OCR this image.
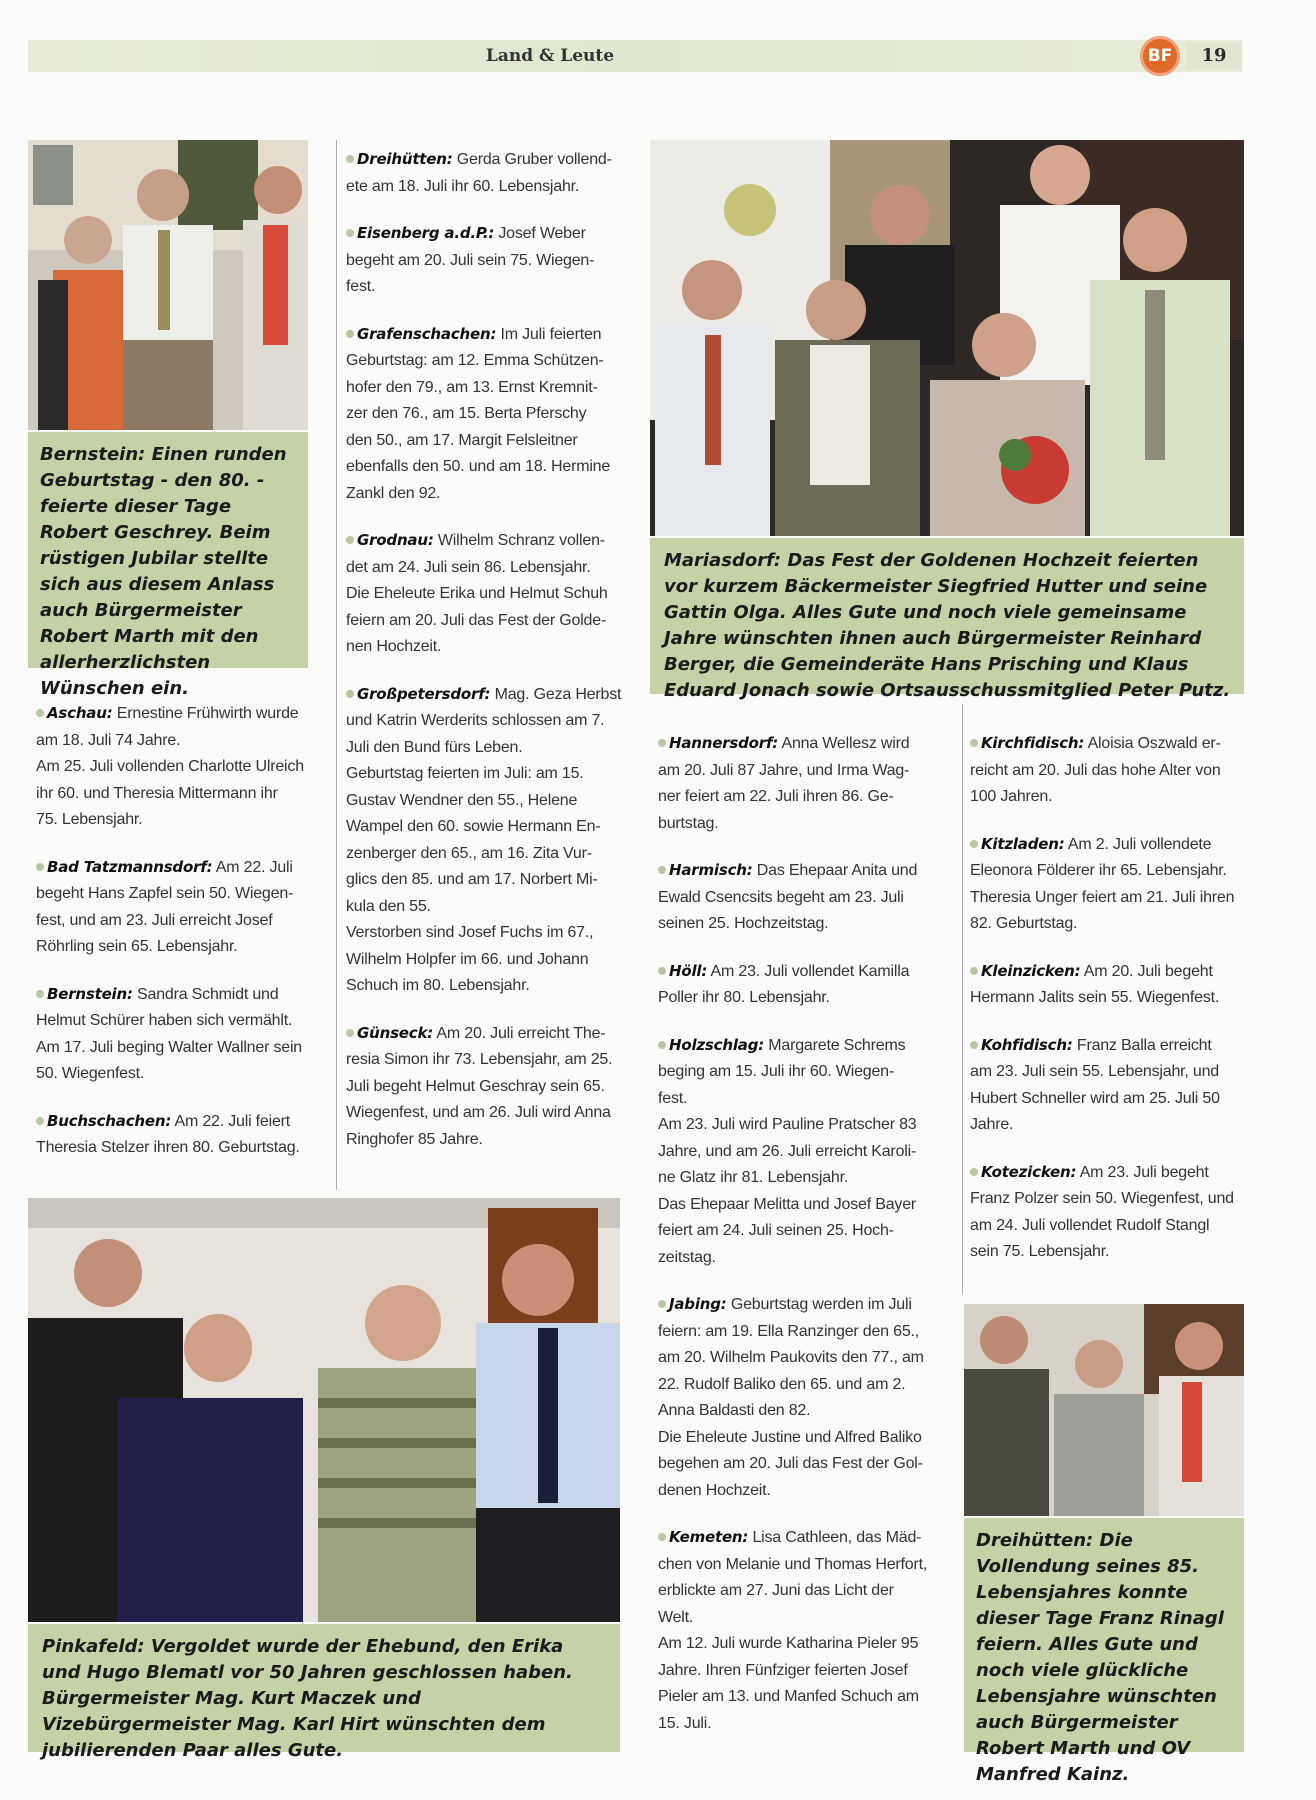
Land & Leute	BF	19
Bernstein: Einen runden Geburtstag - den 80. - feierte dieser Tage Robert Geschrey. Beim rüstigen Jubilar stellte sich aus diesem Anlass auch Bürgermeister Robert Marth mit den allerherzlichsten Wünschen ein.
Mariasdorf: Das Fest der Goldenen Hochzeit feierten vor kurzem Bäckermeister Siegfried Hutter und seine Gattin Olga. Alles Gute und noch viele gemeinsame Jahre wünschten ihnen auch Bürgermeister Reinhard Berger, die Gemeinderäte Hans Prisching und Klaus Eduard Jonach sowie Ortsausschussmitglied Peter Putz.
Pinkafeld: Vergoldet wurde der Ehebund, den Erika und Hugo Blematl vor 50 Jahren geschlossen haben. Bürgermeister Mag. Kurt Maczek und Vizebürgermeister Mag. Karl Hirt wünschten dem jubilierenden Paar alles Gute.
Dreihütten: Die Vollendung seines 85. Lebensjahres konnte dieser Tage Franz Rinagl feiern. Alles Gute und noch viele glückliche Lebensjahre wünschten auch Bürgermeister Robert Marth und OV Manfred Kainz.

Aschau: Ernestine Frühwirth wurde

am 18. Juli 74 Jahre.

Am 25. Juli vollenden Charlotte Ulreich

ihr 60. und Theresia Mittermann ihr

75. Lebensjahr.

Bad Tatzmannsdorf: Am 22. Juli

begeht Hans Zapfel sein 50. Wiegen-

fest, und am 23. Juli erreicht Josef

Röhrling sein 65. Lebensjahr.

Bernstein: Sandra Schmidt und

Helmut Schürer haben sich vermählt.

Am 17. Juli beging Walter Wallner sein

50. Wiegenfest.

Buchschachen: Am 22. Juli feiert

Theresia Stelzer ihren 80. Geburtstag.

Dreihütten: Gerda Gruber vollend-

ete am 18. Juli ihr 60. Lebensjahr.

Eisenberg a.d.P.: Josef Weber

begeht am 20. Juli sein 75. Wiegen-

fest.

Grafenschachen: Im Juli feierten

Geburtstag: am 12. Emma Schützen-

hofer den 79., am 13. Ernst Kremnit-

zer den 76., am 15. Berta Pferschy

den 50., am 17. Margit Felsleitner

ebenfalls den 50. und am 18. Hermine

Zankl den 92.

Grodnau: Wilhelm Schranz vollen-

det am 24. Juli sein 86. Lebensjahr.

Die Eheleute Erika und Helmut Schuh

feiern am 20. Juli das Fest der Golde-

nen Hochzeit.

Großpetersdorf: Mag. Geza Herbst

und Katrin Werderits schlossen am 7.

Juli den Bund fürs Leben.

Geburtstag feierten im Juli: am 15.

Gustav Wendner den 55., Helene

Wampel den 60. sowie Hermann En-

zenberger den 65., am 16. Zita Vur-

glics den 85. und am 17. Norbert Mi-

kula den 55.

Verstorben sind Josef Fuchs im 67.,

Wilhelm Holpfer im 66. und Johann

Schuch im 80. Lebensjahr.

Günseck: Am 20. Juli erreicht The-

resia Simon ihr 73. Lebensjahr, am 25.

Juli begeht Helmut Geschray sein 65.

Wiegenfest, und am 26. Juli wird Anna

Ringhofer 85 Jahre.

Hannersdorf: Anna Wellesz wird

am 20. Juli 87 Jahre, und Irma Wag-

ner feiert am 22. Juli ihren 86. Ge-

burtstag.

Harmisch: Das Ehepaar Anita und

Ewald Csencsits begeht am 23. Juli

seinen 25. Hochzeitstag.

Höll: Am 23. Juli vollendet Kamilla

Poller ihr 80. Lebensjahr.

Holzschlag: Margarete Schrems

beging am 15. Juli ihr 60. Wiegen-

fest.

Am 23. Juli wird Pauline Pratscher 83

Jahre, und am 26. Juli erreicht Karoli-

ne Glatz ihr 81. Lebensjahr.

Das Ehepaar Melitta und Josef Bayer

feiert am 24. Juli seinen 25. Hoch-

zeitstag.

Jabing: Geburtstag werden im Juli

feiern: am 19. Ella Ranzinger den 65.,

am 20. Wilhelm Paukovits den 77., am

22. Rudolf Baliko den 65. und am 2.

Anna Baldasti den 82.

Die Eheleute Justine und Alfred Baliko

begehen am 20. Juli das Fest der Gol-

denen Hochzeit.

Kemeten: Lisa Cathleen, das Mäd-

chen von Melanie und Thomas Herfort,

erblickte am 27. Juni das Licht der

Welt.

Am 12. Juli wurde Katharina Pieler 95

Jahre. Ihren Fünfziger feierten Josef

Pieler am 13. und Manfed Schuch am

15. Juli.

Kirchfidisch: Aloisia Oszwald er-

reicht am 20. Juli das hohe Alter von

100 Jahren.

Kitzladen: Am 2. Juli vollendete

Eleonora Földerer ihr 65. Lebensjahr.

Theresia Unger feiert am 21. Juli ihren

82. Geburtstag.

Kleinzicken: Am 20. Juli begeht

Hermann Jalits sein 55. Wiegenfest.

Kohfidisch: Franz Balla erreicht

am 23. Juli sein 55. Lebensjahr, und

Hubert Schneller wird am 25. Juli 50

Jahre.

Kotezicken: Am 23. Juli begeht

Franz Polzer sein 50. Wiegenfest, und

am 24. Juli vollendet Rudolf Stangl

sein 75. Lebensjahr.
